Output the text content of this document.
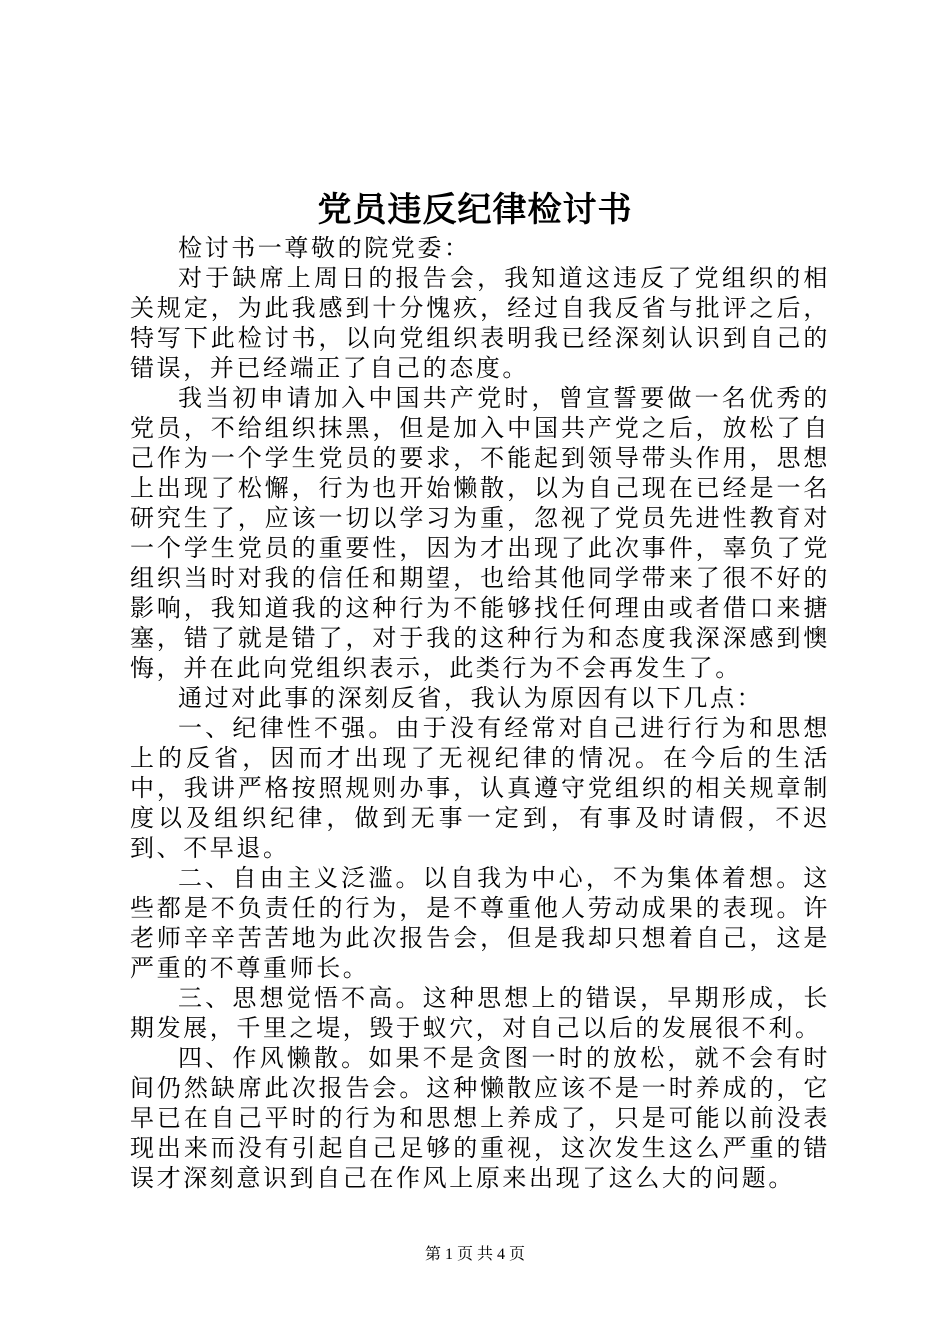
党员违反纪律检讨书

检讨书一尊敬的院党委：

对于缺席上周日的报告会，我知道这违反了党组织的相关规定，为此我感到十分愧疚，经过自我反省与批评之后，特写下此检讨书，以向党组织表明我已经深刻认识到自己的错误，并已经端正了自己的态度。

我当初申请加入中国共产党时，曾宣誓要做一名优秀的党员，不给组织抹黑，但是加入中国共产党之后，放松了自己作为一个学生党员的要求，不能起到领导带头作用，思想上出现了松懈，行为也开始懒散，以为自己现在已经是一名研究生了，应该一切以学习为重，忽视了党员先进性教育对一个学生党员的重要性，因为才出现了此次事件，辜负了党组织当时对我的信任和期望，也给其他同学带来了很不好的影响，我知道我的这种行为不能够找任何理由或者借口来搪塞，错了就是错了，对于我的这种行为和态度我深深感到懊悔，并在此向党组织表示，此类行为不会再发生了。

通过对此事的深刻反省，我认为原因有以下几点：

一、纪律性不强。由于没有经常对自己进行行为和思想上的反省，因而才出现了无视纪律的情况。在今后的生活中，我讲严格按照规则办事，认真遵守党组织的相关规章制度以及组织纪律，做到无事一定到，有事及时请假，不迟到、不早退。

二、自由主义泛滥。以自我为中心，不为集体着想。这些都是不负责任的行为，是不尊重他人劳动成果的表现。许老师辛辛苦苦地为此次报告会，但是我却只想着自己，这是严重的不尊重师长。

三、思想觉悟不高。这种思想上的错误，早期形成，长期发展，千里之堤，毁于蚁穴，对自己以后的发展很不利。

四、作风懒散。如果不是贪图一时的放松，就不会有时间仍然缺席此次报告会。这种懒散应该不是一时养成的，它早已在自己平时的行为和思想上养成了，只是可能以前没表现出来而没有引起自己足够的重视，这次发生这么严重的错误才深刻意识到自己在作风上原来出现了这么大的问题。

第 1 页 共 4 页
